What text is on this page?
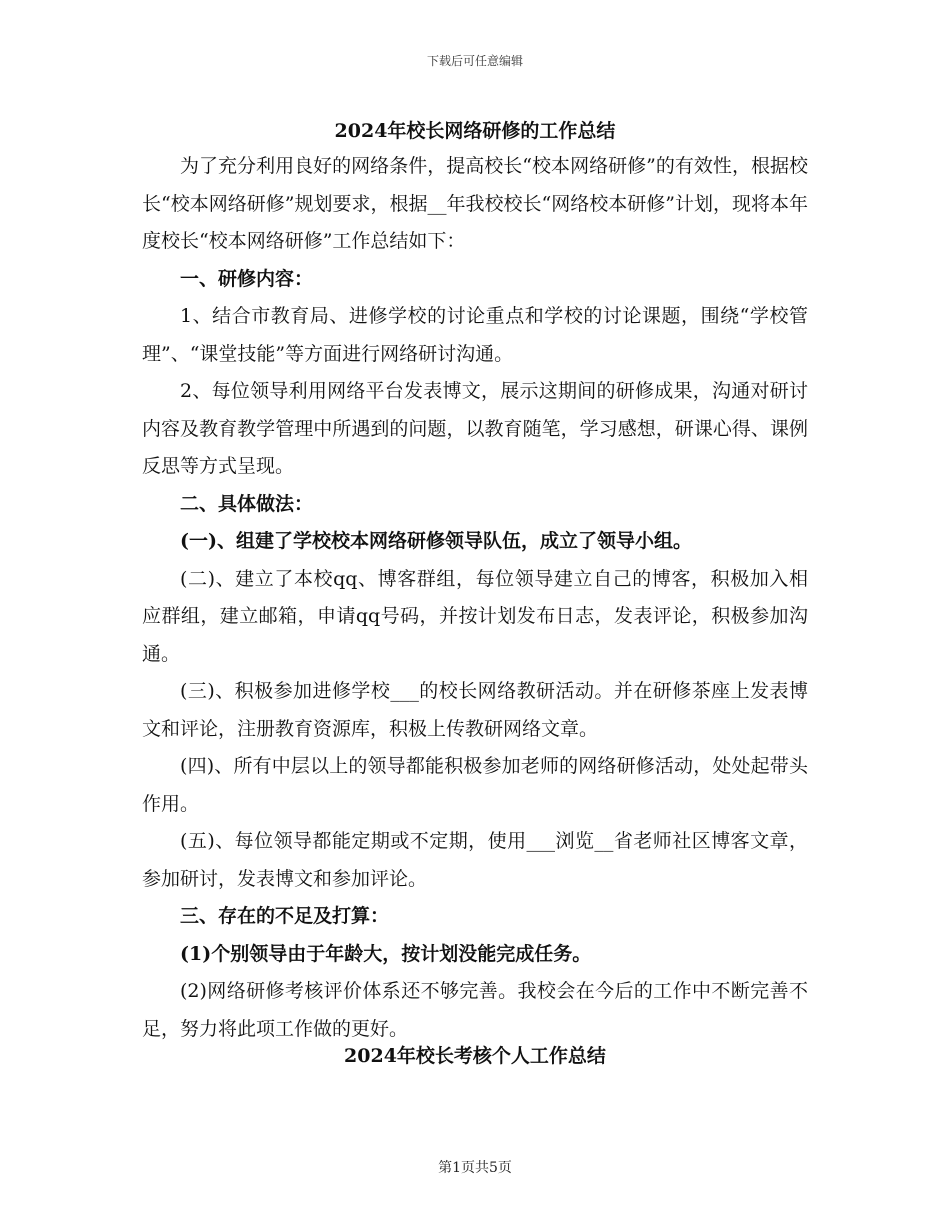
下载后可任意编辑
2024年校长网络研修的工作总结

为了充分利用良好的网络条件，提高校长“校本网络研修”的有效性，根据校长“校本网络研修”规划要求，根据__年我校校长“网络校本研修”计划，现将本年度校长“校本网络研修”工作总结如下：

一、研修内容：

1、结合市教育局、进修学校的讨论重点和学校的讨论课题，围绕“学校管理”、“课堂技能”等方面进行网络研讨沟通。

2、每位领导利用网络平台发表博文，展示这期间的研修成果，沟通对研讨内容及教育教学管理中所遇到的问题，以教育随笔，学习感想，研课心得、课例反思等方式呈现。

二、具体做法：

(一)、组建了学校校本网络研修领导队伍，成立了领导小组。

(二)、建立了本校qq、博客群组，每位领导建立自己的博客，积极加入相应群组，建立邮箱，申请qq号码，并按计划发布日志，发表评论，积极参加沟通。

(三)、积极参加进修学校___的校长网络教研活动。并在研修茶座上发表博文和评论，注册教育资源库，积极上传教研网络文章。

(四)、所有中层以上的领导都能积极参加老师的网络研修活动，处处起带头作用。

(五)、每位领导都能定期或不定期，使用___浏览__省老师社区博客文章，参加研讨，发表博文和参加评论。

三、存在的不足及打算：

(1)个别领导由于年龄大，按计划没能完成任务。

(2)网络研修考核评价体系还不够完善。我校会在今后的工作中不断完善不足，努力将此项工作做的更好。

2024年校长考核个人工作总结
第1页共5页
